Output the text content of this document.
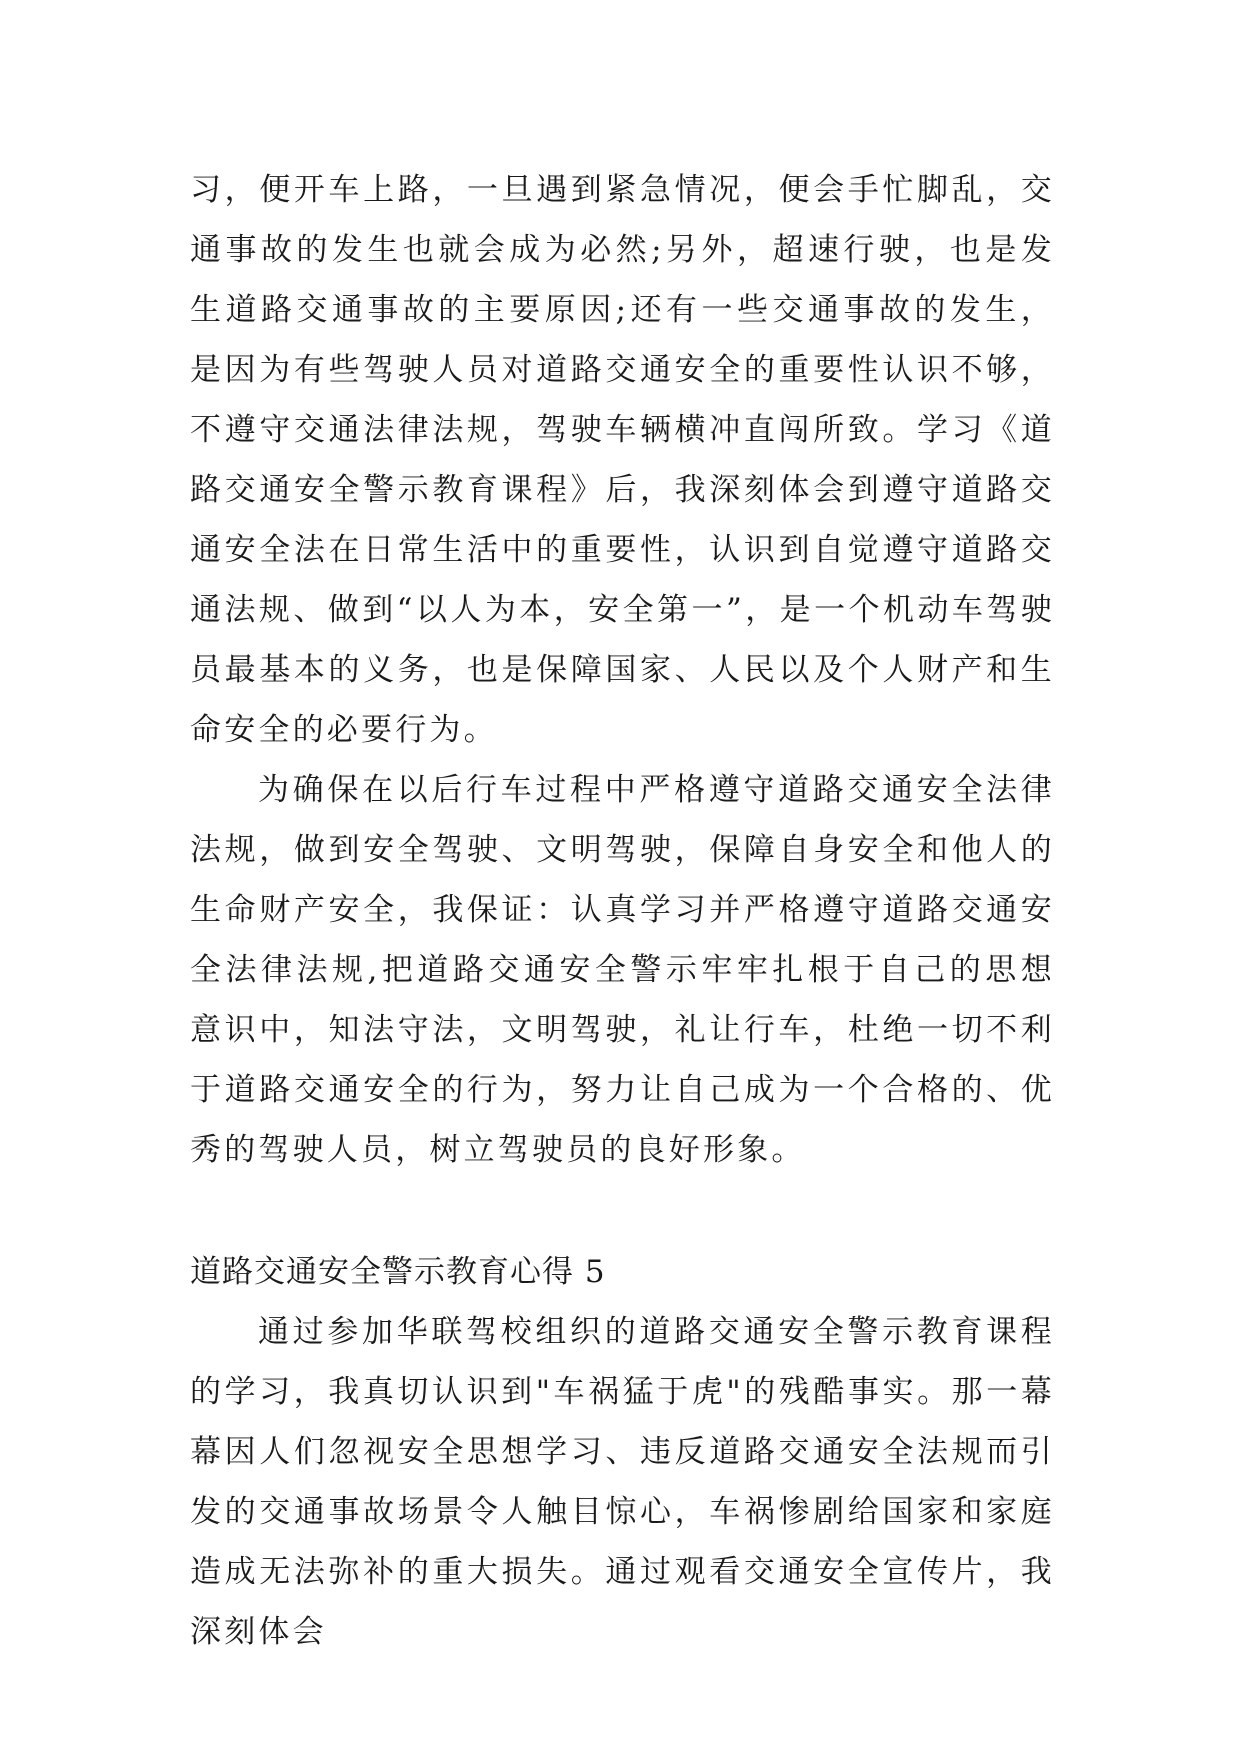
习，便开车上路，一旦遇到紧急情况，便会手忙脚乱，交通事故的发生也就会成为必然;另外，超速行驶，也是发生道路交通事故的主要原因;还有一些交通事故的发生，是因为有些驾驶人员对道路交通安全的重要性认识不够，不遵守交通法律法规，驾驶车辆横冲直闯所致。学习《道路交通安全警示教育课程》后，我深刻体会到遵守道路交通安全法在日常生活中的重要性，认识到自觉遵守道路交通法规、做到“以人为本，安全第一”，是一个机动车驾驶员最基本的义务，也是保障国家、人民以及个人财产和生命安全的必要行为。

为确保在以后行车过程中严格遵守道路交通安全法律法规，做到安全驾驶、文明驾驶，保障自身安全和他人的生命财产安全，我保证：认真学习并严格遵守道路交通安全法律法规,把道路交通安全警示牢牢扎根于自己的思想意识中，知法守法，文明驾驶，礼让行车，杜绝一切不利于道路交通安全的行为，努力让自己成为一个合格的、优秀的驾驶人员，树立驾驶员的良好形象。

道路交通安全警示教育心得 5

通过参加华联驾校组织的道路交通安全警示教育课程的学习，我真切认识到"车祸猛于虎"的残酷事实。那一幕幕因人们忽视安全思想学习、违反道路交通安全法规而引发的交通事故场景令人触目惊心，车祸惨剧给国家和家庭造成无法弥补的重大损失。通过观看交通安全宣传片，我深刻体会
